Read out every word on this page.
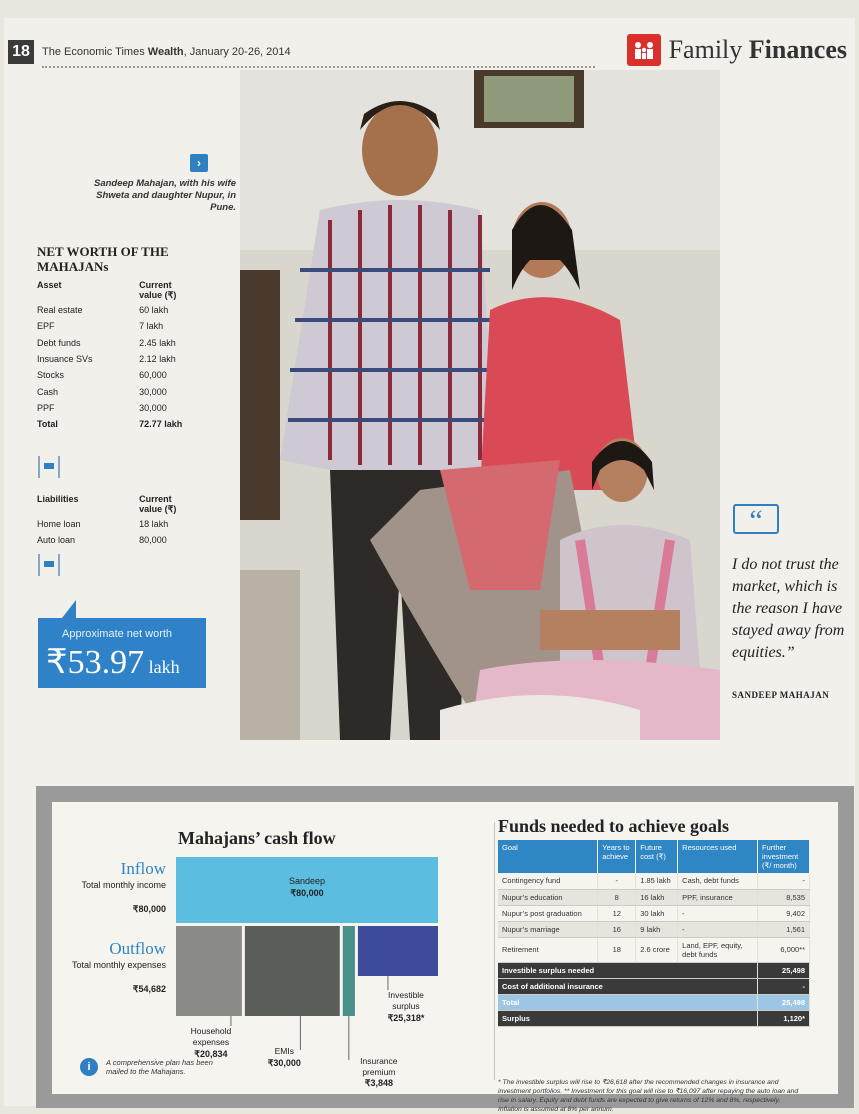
18	The Economic Times Wealth, January 20-26, 2014	Family Finances
›
Sandeep Mahajan, with his wife Shweta and daughter Nupur, in Pune.
NET WORTH OF THE MAHAJANs
Asset	Current value (₹)
Real estate	60 lakh
EPF	7 lakh
Debt funds	2.45 lakh
Insuance SVs	2.12 lakh
Stocks	60,000
Cash	30,000
PPF	30,000
Total	72.77 lakh
Liabilities	Current value (₹)
Home loan	18 lakh
Auto loan	80,000
Approximate net worth
₹53.97 lakh
“
I do not trust the market, which is the reason I have stayed away from equities.”
SANDEEP MAHAJAN
Mahajans’ cash flow
Inflow
Total monthly income
₹80,000
Outflow
Total monthly expenses
₹54,682
Sandeep
₹80,000
Household
expenses
₹20,834	EMIs
₹30,000	Insurance
premium
₹3,848
Investible
surplus
₹25,318*
i	A comprehensive plan has been mailed to the Mahajans.
Funds needed to achieve goals
Goal	Years to achieve	Future cost (₹)	Resources used	Further investment (₹/ month)
Contingency fund	-	1.85 lakh	Cash, debt funds	-
Nupur’s education	8	16 lakh	PPF, insurance	8,535
Nupur’s post graduation	12	30 lakh	-	9,402
Nupur’s marriage	16	9 lakh	-	1,561
Retirement	18	2.6 crore	Land, EPF, equity, debt funds	6,000**
Investible surplus needed				25,498
Cost of additional insurance				-
Total				25,498
Surplus				1,120*
* The investible surplus will rise to ₹26,618 after the recommended changes in insurance and investment portfolios. ** Investment for this goal will rise to ₹16,097 after repaying the auto loan and rise in salary. Equity and debt funds are expected to give returns of 12% and 8%, respectively. Inflation is assumed at 8% per annum.
